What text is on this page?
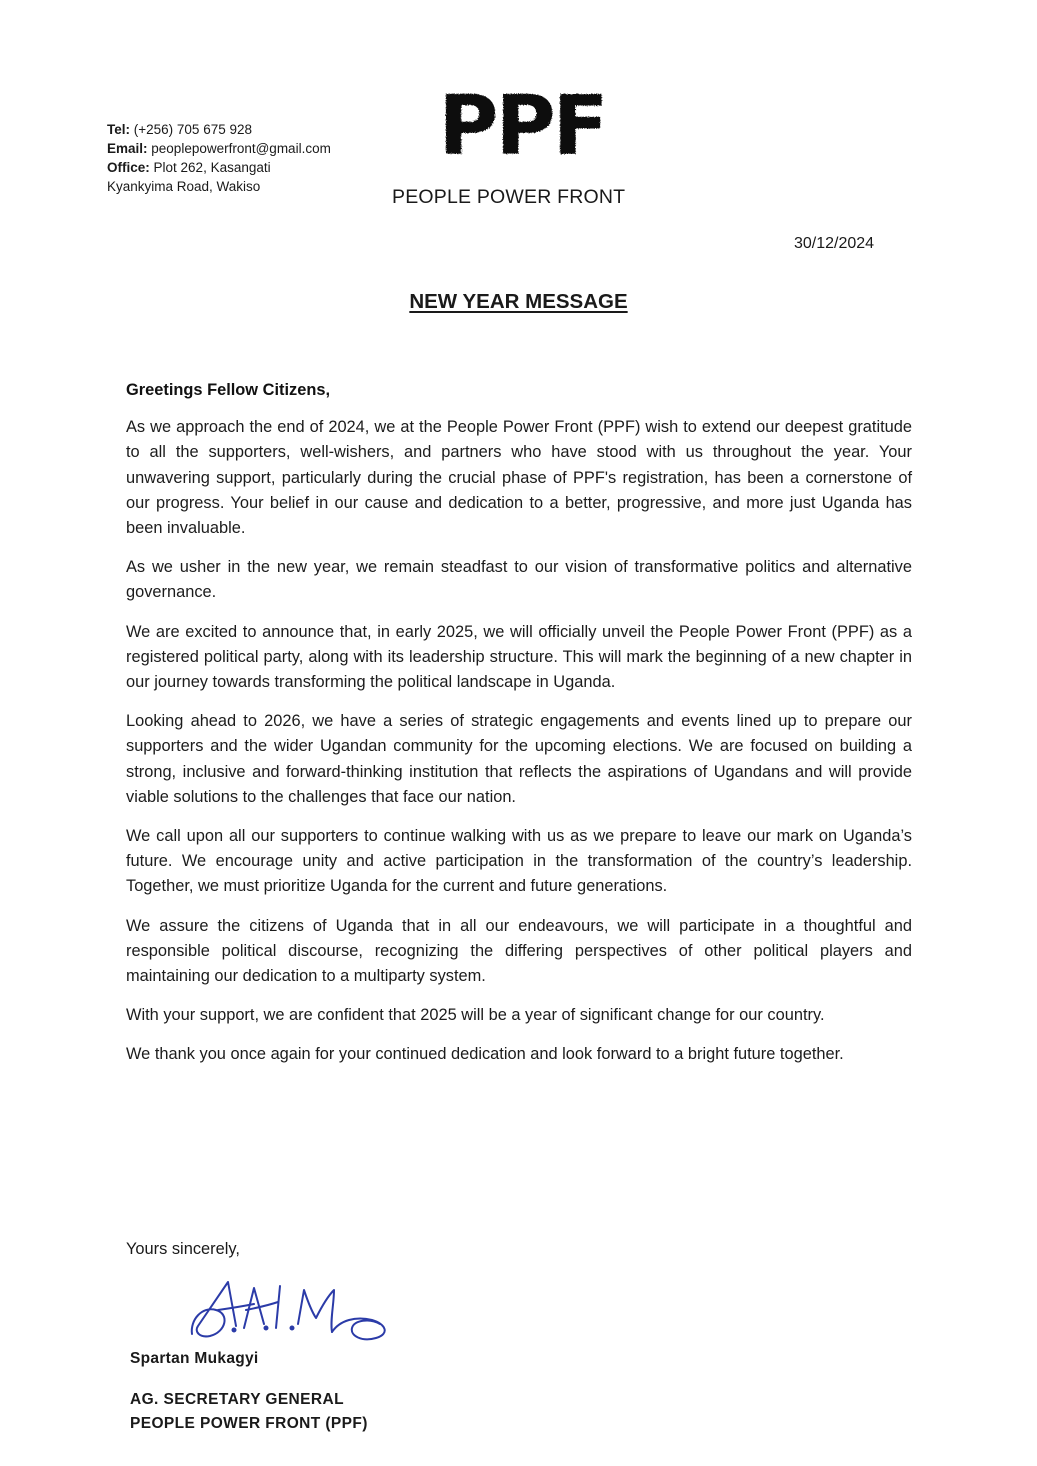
Tel: (+256) 705 675 928
Email: peoplepowerfront@gmail.com
Office: Plot 262, Kasangati
Kyankyima Road, Wakiso
PPF
PEOPLE POWER FRONT
30/12/2024
NEW YEAR MESSAGE
Greetings Fellow Citizens,

As we approach the end of 2024, we at the People Power Front (PPF) wish to extend our deepest gratitude to all the supporters, well-wishers, and partners who have stood with us throughout the year. Your unwavering support, particularly during the crucial phase of PPF's registration, has been a cornerstone of our progress. Your belief in our cause and dedication to a better, progressive, and more just Uganda has been invaluable.

As we usher in the new year, we remain steadfast to our vision of transformative politics and alternative governance.

We are excited to announce that, in early 2025, we will officially unveil the People Power Front (PPF) as a registered political party, along with its leadership structure. This will mark the beginning of a new chapter in our journey towards transforming the political landscape in Uganda.

Looking ahead to 2026, we have a series of strategic engagements and events lined up to prepare our supporters and the wider Ugandan community for the upcoming elections. We are focused on building a strong, inclusive and forward-thinking institution that reflects the aspirations of Ugandans and will provide viable solutions to the challenges that face our nation.

We call upon all our supporters to continue walking with us as we prepare to leave our mark on Uganda’s future. We encourage unity and active participation in the transformation of the country’s leadership. Together, we must prioritize Uganda for the current and future generations.

We assure the citizens of Uganda that in all our endeavours, we will participate in a thoughtful and responsible political discourse, recognizing the differing perspectives of other political players and maintaining our dedication to a multiparty system.

With your support, we are confident that 2025 will be a year of significant change for our country.

We thank you once again for your continued dedication and look forward to a bright future together.

Yours sincerely,
Spartan Mukagyi
AG. SECRETARY GENERAL
PEOPLE POWER FRONT (PPF)
